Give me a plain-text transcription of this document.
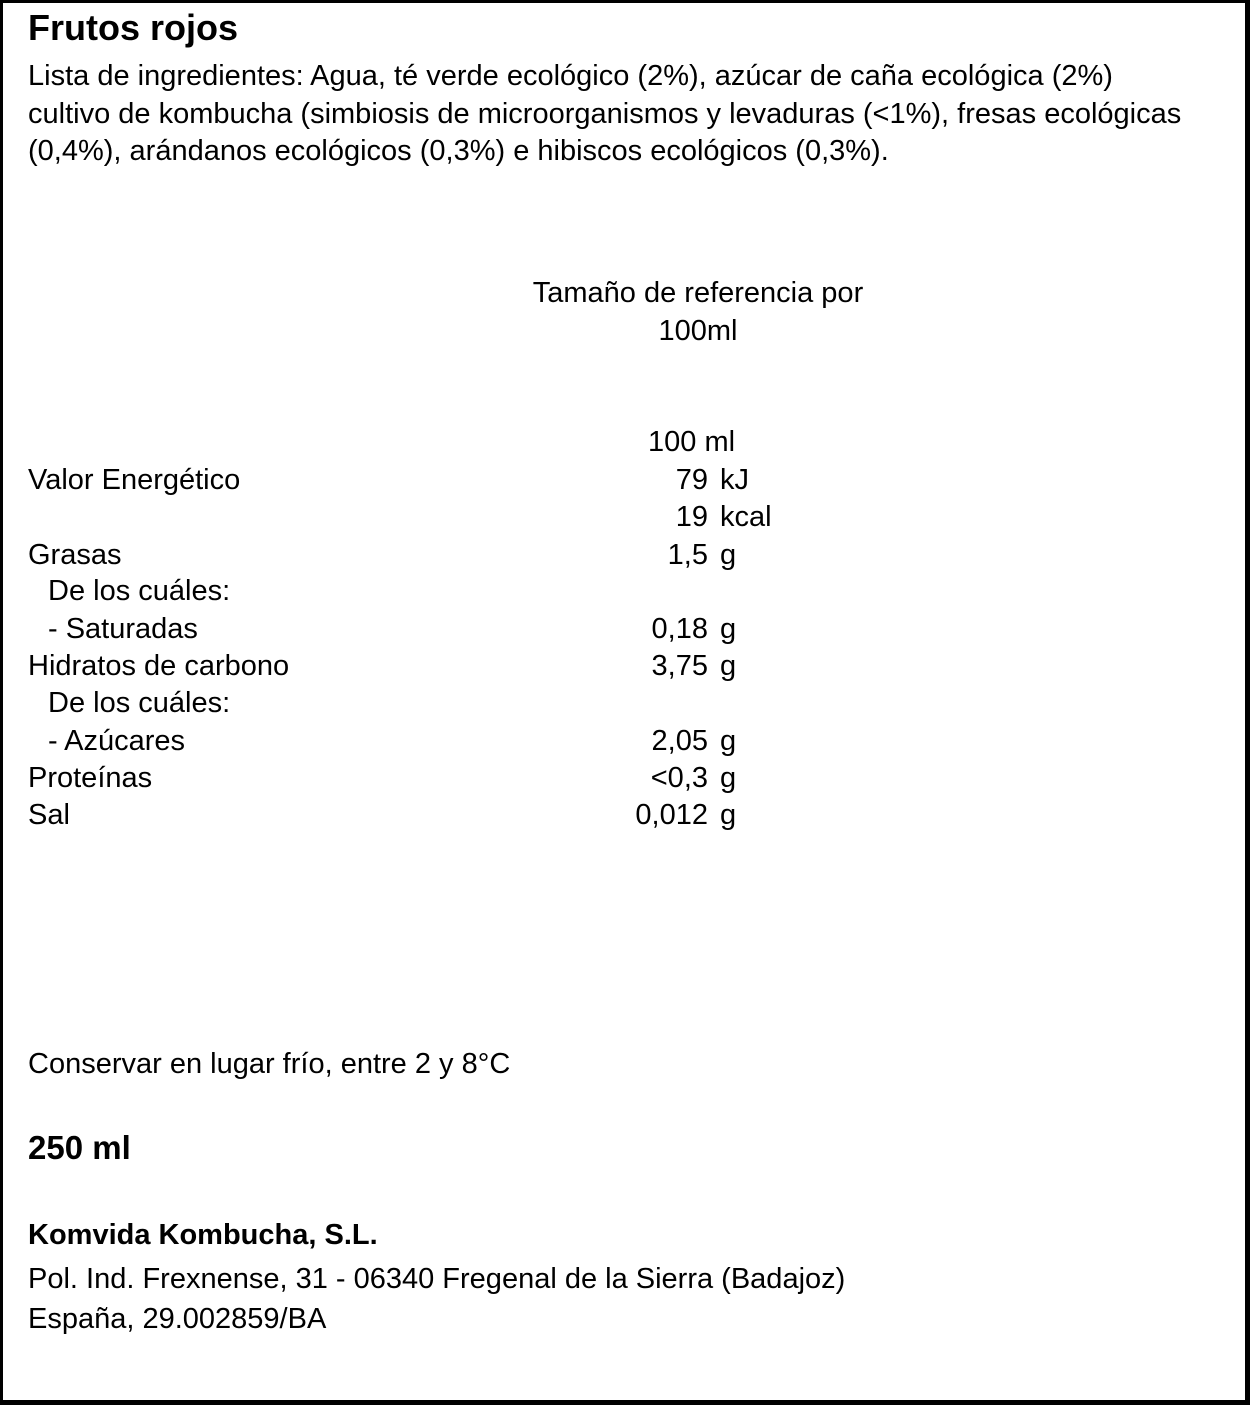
Frutos rojos
Lista de ingredientes: Agua, té verde ecológico (2%), azúcar de caña ecológica (2%) cultivo de kombucha (simbiosis de microorganismos y levaduras (<1%), fresas ecológicas (0,4%), arándanos ecológicos (0,3%) e hibiscos ecológicos (0,3%).
Tamaño de referencia por
100ml
100 ml
Valor Energético	79 kJ
19 kcal
Grasas	1,5 g
De los cuáles:
- Saturadas	0,18 g
Hidratos de carbono	3,75 g
De los cuáles:
- Azúcares	2,05 g
Proteínas	<0,3 g
Sal	0,012 g
Conservar en lugar frío, entre 2 y 8°C
250 ml
Komvida Kombucha, S.L.
Pol. Ind. Frexnense, 31 - 06340 Fregenal de la Sierra (Badajoz)
España, 29.002859/BA
